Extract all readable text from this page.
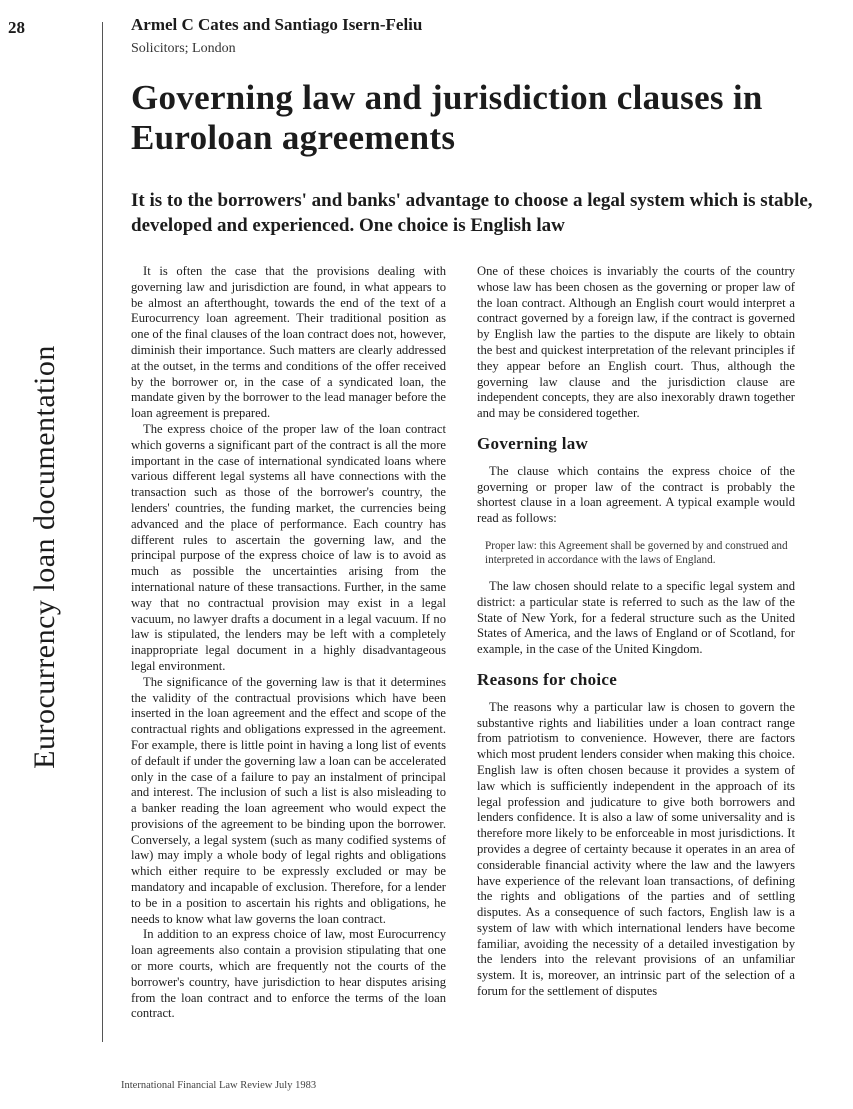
28
Eurocurrency loan documentation
Armel C Cates and Santiago Isern-Feliu
Solicitors; London
Governing law and jurisdiction clauses in
Euroloan agreements

It is to the borrowers' and banks' advantage to choose a legal system which is stable, developed and experienced. One choice is English law

It is often the case that the provisions dealing with governing law and jurisdiction are found, in what appears to be almost an afterthought, towards the end of the text of a Eurocurrency loan agreement. Their traditional position as one of the final clauses of the loan contract does not, however, diminish their importance. Such matters are clearly addressed at the outset, in the terms and conditions of the offer received by the borrower or, in the case of a syndicated loan, the mandate given by the borrower to the lead manager before the loan agreement is prepared.

The express choice of the proper law of the loan contract which governs a significant part of the contract is all the more important in the case of international syndicated loans where various different legal systems all have connections with the transaction such as those of the borrower's country, the lenders' countries, the funding market, the currencies being advanced and the place of performance. Each country has different rules to ascertain the governing law, and the principal purpose of the express choice of law is to avoid as much as possible the uncertainties arising from the international nature of these transactions. Further, in the same way that no contractual provision may exist in a legal vacuum, no lawyer drafts a document in a legal vacuum. If no law is stipulated, the lenders may be left with a completely inappropriate legal document in a highly disadvantageous legal environment.

The significance of the governing law is that it determines the validity of the contractual provisions which have been inserted in the loan agreement and the effect and scope of the contractual rights and obligations expressed in the agreement. For example, there is little point in having a long list of events of default if under the governing law a loan can be accelerated only in the case of a failure to pay an instalment of principal and interest. The inclusion of such a list is also misleading to a banker reading the loan agreement who would expect the provisions of the agreement to be binding upon the borrower. Conversely, a legal system (such as many codified systems of law) may imply a whole body of legal rights and obligations which either require to be expressly excluded or may be mandatory and incapable of exclusion. Therefore, for a lender to be in a position to ascertain his rights and obligations, he needs to know what law governs the loan contract.

In addition to an express choice of law, most Eurocurrency loan agreements also contain a provision stipulating that one or more courts, which are frequently not the courts of the borrower's country, have jurisdiction to hear disputes arising from the loan contract and to enforce the terms of the loan contract.

One of these choices is invariably the courts of the country whose law has been chosen as the governing or proper law of the loan contract. Although an English court would interpret a contract governed by a foreign law, if the contract is governed by English law the parties to the dispute are likely to obtain the best and quickest interpretation of the relevant principles if they appear before an English court. Thus, although the governing law clause and the jurisdiction clause are independent concepts, they are also inexorably drawn together and may be considered together.

Governing law

The clause which contains the express choice of the governing or proper law of the contract is probably the shortest clause in a loan agreement. A typical example would read as follows:

Proper law: this Agreement shall be governed by and construed and interpreted in accordance with the laws of England.

The law chosen should relate to a specific legal system and district: a particular state is referred to such as the law of the State of New York, for a federal structure such as the United States of America, and the laws of England or of Scotland, for example, in the case of the United Kingdom.

Reasons for choice

The reasons why a particular law is chosen to govern the substantive rights and liabilities under a loan contract range from patriotism to convenience. However, there are factors which most prudent lenders consider when making this choice. English law is often chosen because it provides a system of law which is sufficiently independent in the approach of its legal profession and judicature to give both borrowers and lenders confidence. It is also a law of some universality and is therefore more likely to be enforceable in most jurisdictions. It provides a degree of certainty because it operates in an area of considerable financial activity where the law and the lawyers have experience of the relevant loan transactions, of defining the rights and obligations of the parties and of settling disputes. As a consequence of such factors, English law is a system of law with which international lenders have become familiar, avoiding the necessity of a detailed investigation by the lenders into the relevant provisions of an unfamiliar system. It is, moreover, an intrinsic part of the selection of a forum for the settlement of disputes

International Financial Law Review July 1983
